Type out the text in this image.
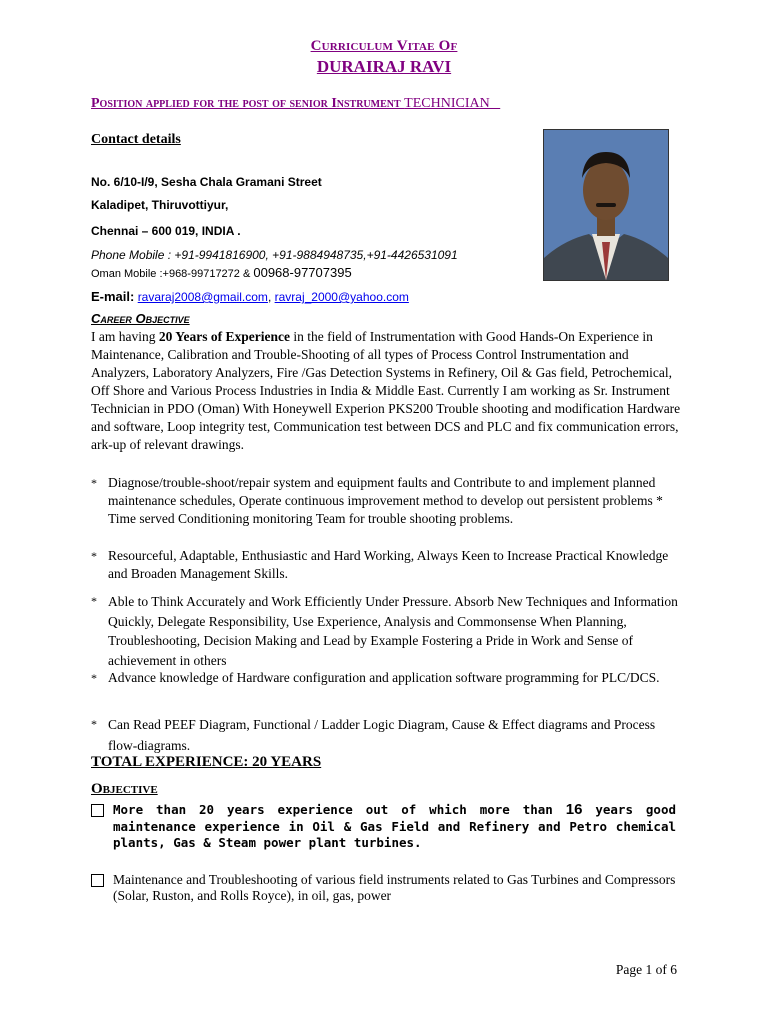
Curriculum Vitae Of
DURAIRAJ RAVI
Position applied for the post of senior Instrument TECHNICIAN
Contact details
No. 6/10-I/9, Sesha Chala Gramani Street
Kaladipet, Thiruvottiyur,
Chennai – 600 019, INDIA .
Phone Mobile : +91-9941816900, +91-9884948735,+91-4426531091
Oman Mobile :+968-99717272 & 00968-97707395
E-mail: ravaraj2008@gmail.com, ravraj_2000@yahoo.com
Career Objective
I am having 20 Years of Experience in the field of Instrumentation with Good Hands-On Experience in Maintenance, Calibration and Trouble-Shooting of all types of Process Control Instrumentation and Analyzers, Laboratory Analyzers, Fire /Gas Detection Systems in Refinery, Oil & Gas field, Petrochemical, Off Shore and Various Process Industries in India & Middle East. Currently I am working as Sr. Instrument Technician in PDO (Oman) With Honeywell Experion PKS200 Trouble shooting and modification Hardware and software, Loop integrity test, Communication test between DCS and PLC and fix communication errors, ark-up of relevant drawings.
* Diagnose/trouble-shoot/repair system and equipment faults and Contribute to and implement planned maintenance schedules, Operate continuous improvement method to develop out persistent problems * Time served Conditioning monitoring Team for trouble shooting problems.
* Resourceful, Adaptable, Enthusiastic and Hard Working, Always Keen to Increase Practical Knowledge and Broaden Management Skills.
* Able to Think Accurately and Work Efficiently Under Pressure. Absorb New Techniques and Information Quickly, Delegate Responsibility, Use Experience, Analysis and Commonsense When Planning, Troubleshooting, Decision Making and Lead by Example Fostering a Pride in Work and Sense of achievement in others
* Advance knowledge of Hardware configuration and application software programming for PLC/DCS.
* Can Read PEEF Diagram, Functional / Ladder Logic Diagram, Cause & Effect diagrams and Process flow-diagrams.
TOTAL EXPERIENCE: 20 YEARS
Objective
More than 20 years experience out of which more than 16 years good maintenance experience in Oil & Gas Field and Refinery and Petro chemical plants, Gas & Steam power plant turbines.
Maintenance and Troubleshooting of various field instruments related to Gas Turbines and Compressors (Solar, Ruston, and Rolls Royce), in oil, gas, power
Page 1 of 6
